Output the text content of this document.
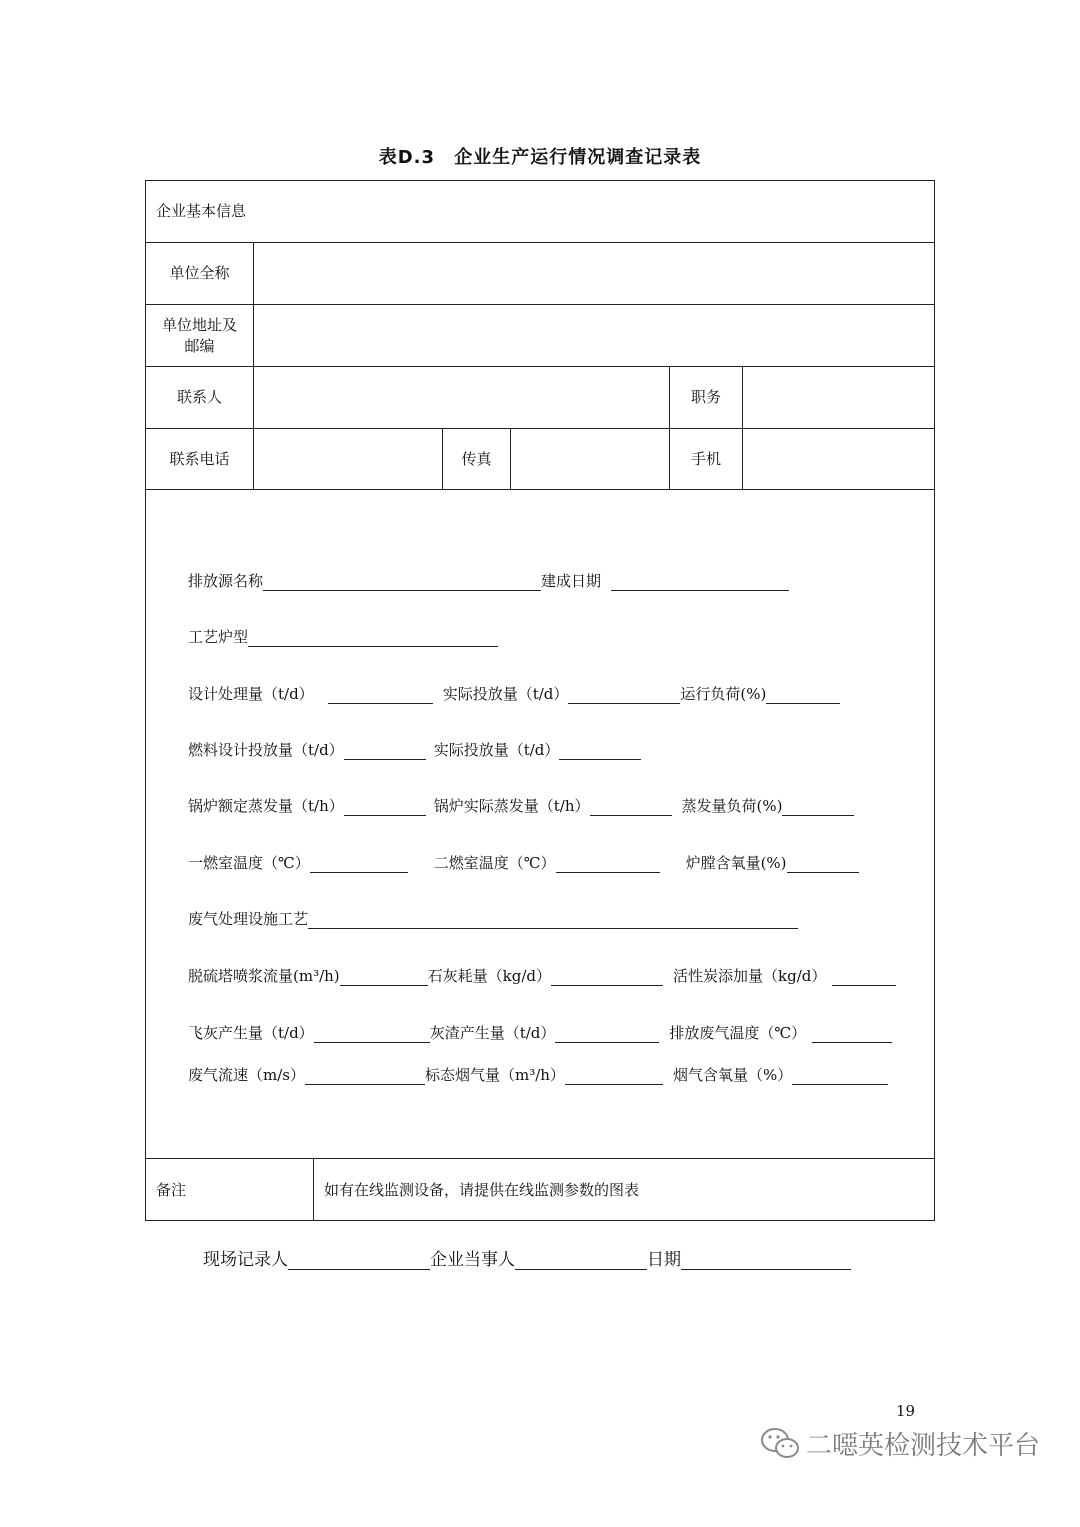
表D.3 企业生产运行情况调查记录表
企业基本信息
单位全称
单位地址及
邮编
联系人	职务
联系电话	传真	手机
备注	如有在线监测设备，请提供在线监测参数的图表
排放源名称	建成日期
工艺炉型
设计处理量（t/d）	实际投放量（t/d）	运行负荷(%)
燃料设计投放量（t/d）	实际投放量（t/d）
锅炉额定蒸发量（t/h）	锅炉实际蒸发量（t/h）	蒸发量负荷(%)
一燃室温度（℃）	二燃室温度（℃）	炉膛含氧量(%)
废气处理设施工艺
脱硫塔喷浆流量(m³/h)	石灰耗量（kg/d）	活性炭添加量（kg/d）
飞灰产生量（t/d）	灰渣产生量（t/d）	排放废气温度（℃）
废气流速（m/s）	标态烟气量（m³/h）	烟气含氧量（%）
现场记录人	企业当事人	日期
19
二噁英检测技术平台
